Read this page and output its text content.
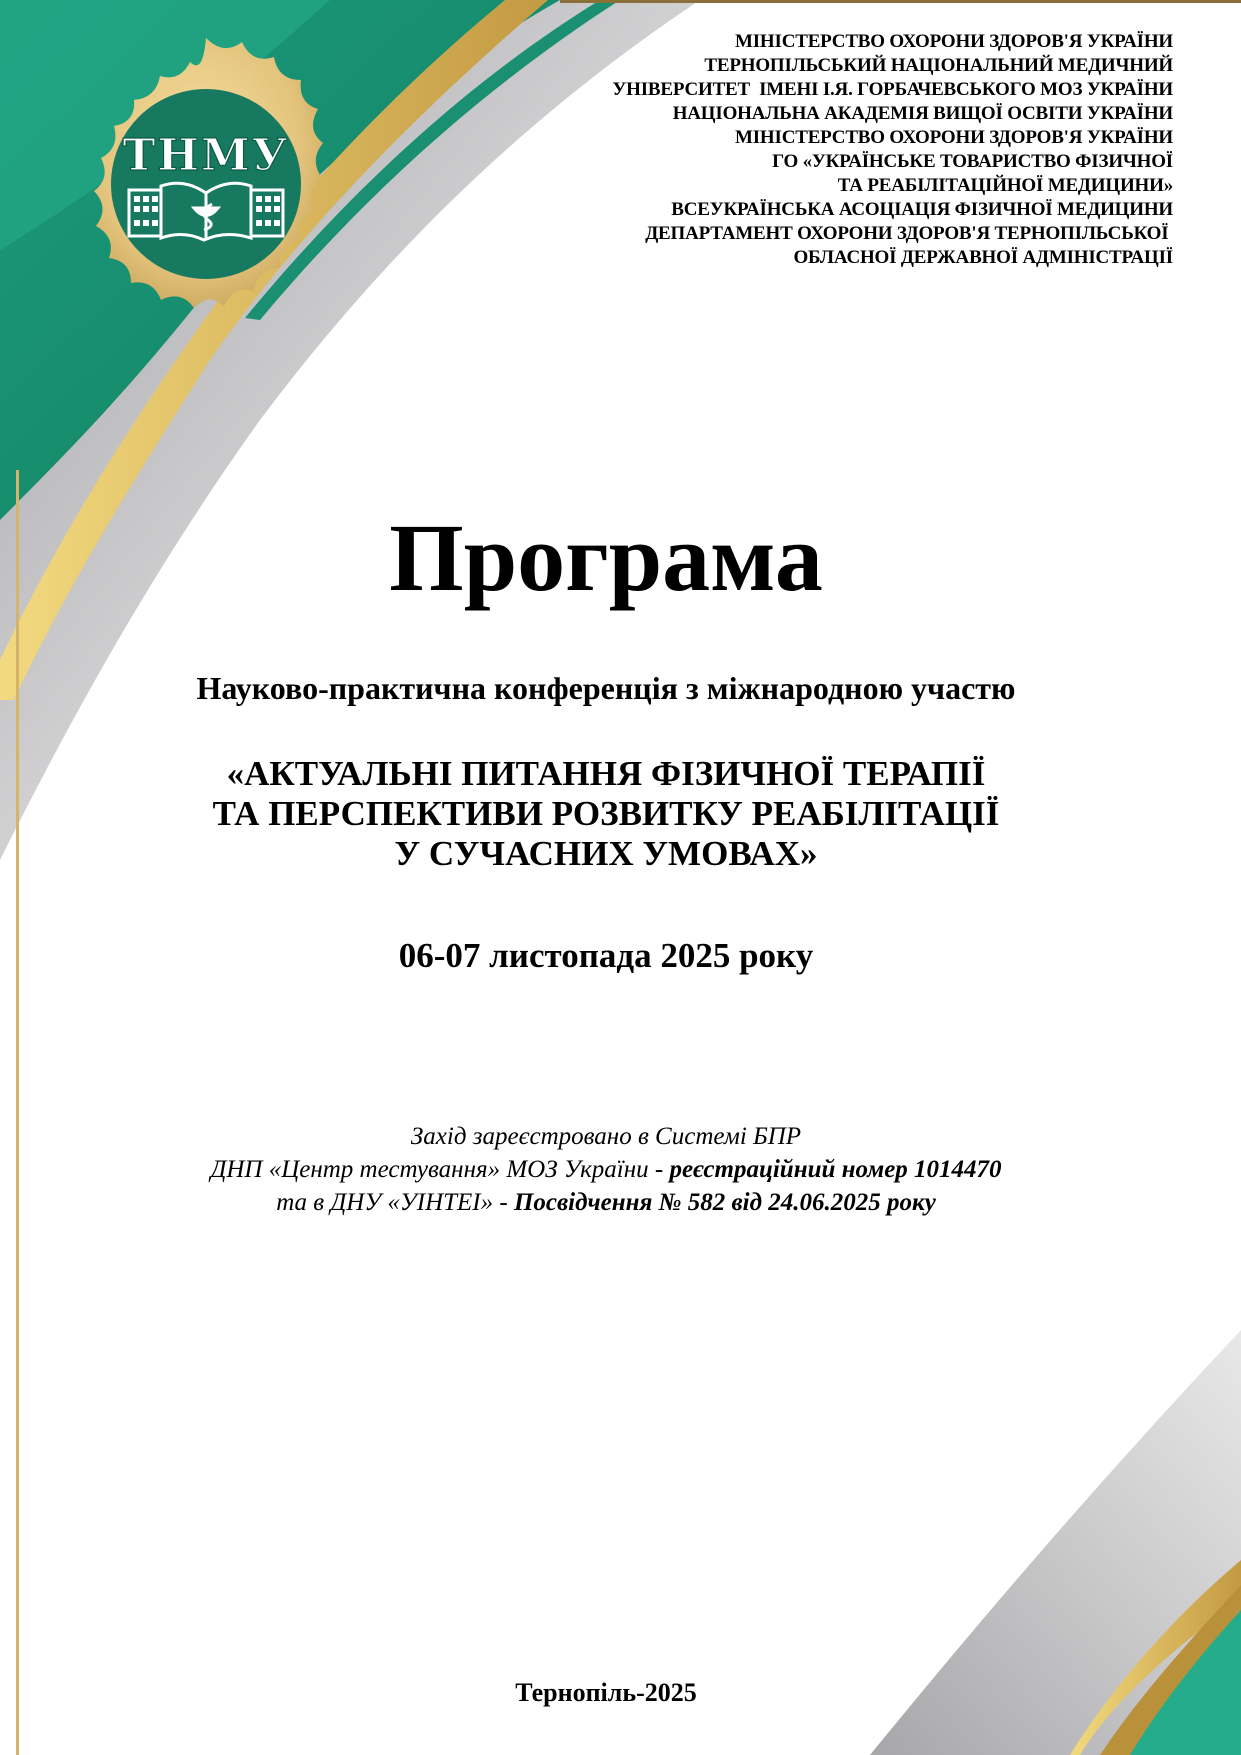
ТНМУ
МІНІСТЕРСТВО ОХОРОНИ ЗДОРОВ'Я УКРАЇНИ
ТЕРНОПІЛЬСЬКИЙ НАЦІОНАЛЬНИЙ МЕДИЧНИЙ
УНІВЕРСИТЕТ  ІМЕНІ І.Я. ГОРБАЧЕВСЬКОГО МОЗ УКРАЇНИ
НАЦІОНАЛЬНА АКАДЕМІЯ ВИЩОЇ ОСВІТИ УКРАЇНИ
МІНІСТЕРСТВО ОХОРОНИ ЗДОРОВ'Я УКРАЇНИ
ГО «УКРАЇНСЬКЕ ТОВАРИСТВО ФІЗИЧНОЇ
ТА РЕАБІЛІТАЦІЙНОЇ МЕДИЦИНИ»
ВСЕУКРАЇНСЬКА АСОЦІАЦІЯ ФІЗИЧНОЇ МЕДИЦИНИ
ДЕПАРТАМЕНТ ОХОРОНИ ЗДОРОВ'Я ТЕРНОПІЛЬСЬКОЇ
ОБЛАСНОЇ ДЕРЖАВНОЇ АДМІНІСТРАЦІЇ
Програма
Науково-практична конференція з міжнародною участю
«АКТУАЛЬНІ ПИТАННЯ ФІЗИЧНОЇ ТЕРАПІЇ
ТА ПЕРСПЕКТИВИ РОЗВИТКУ РЕАБІЛІТАЦІЇ
У СУЧАСНИХ УМОВАХ»
06-07 листопада 2025 року
Захід зареєстровано в Системі БПР
ДНП «Центр тестування» МОЗ України - реєстраційний номер 1014470
та в ДНУ «УІНТЕІ» - Посвідчення № 582 від 24.06.2025 року
Тернопіль-2025
